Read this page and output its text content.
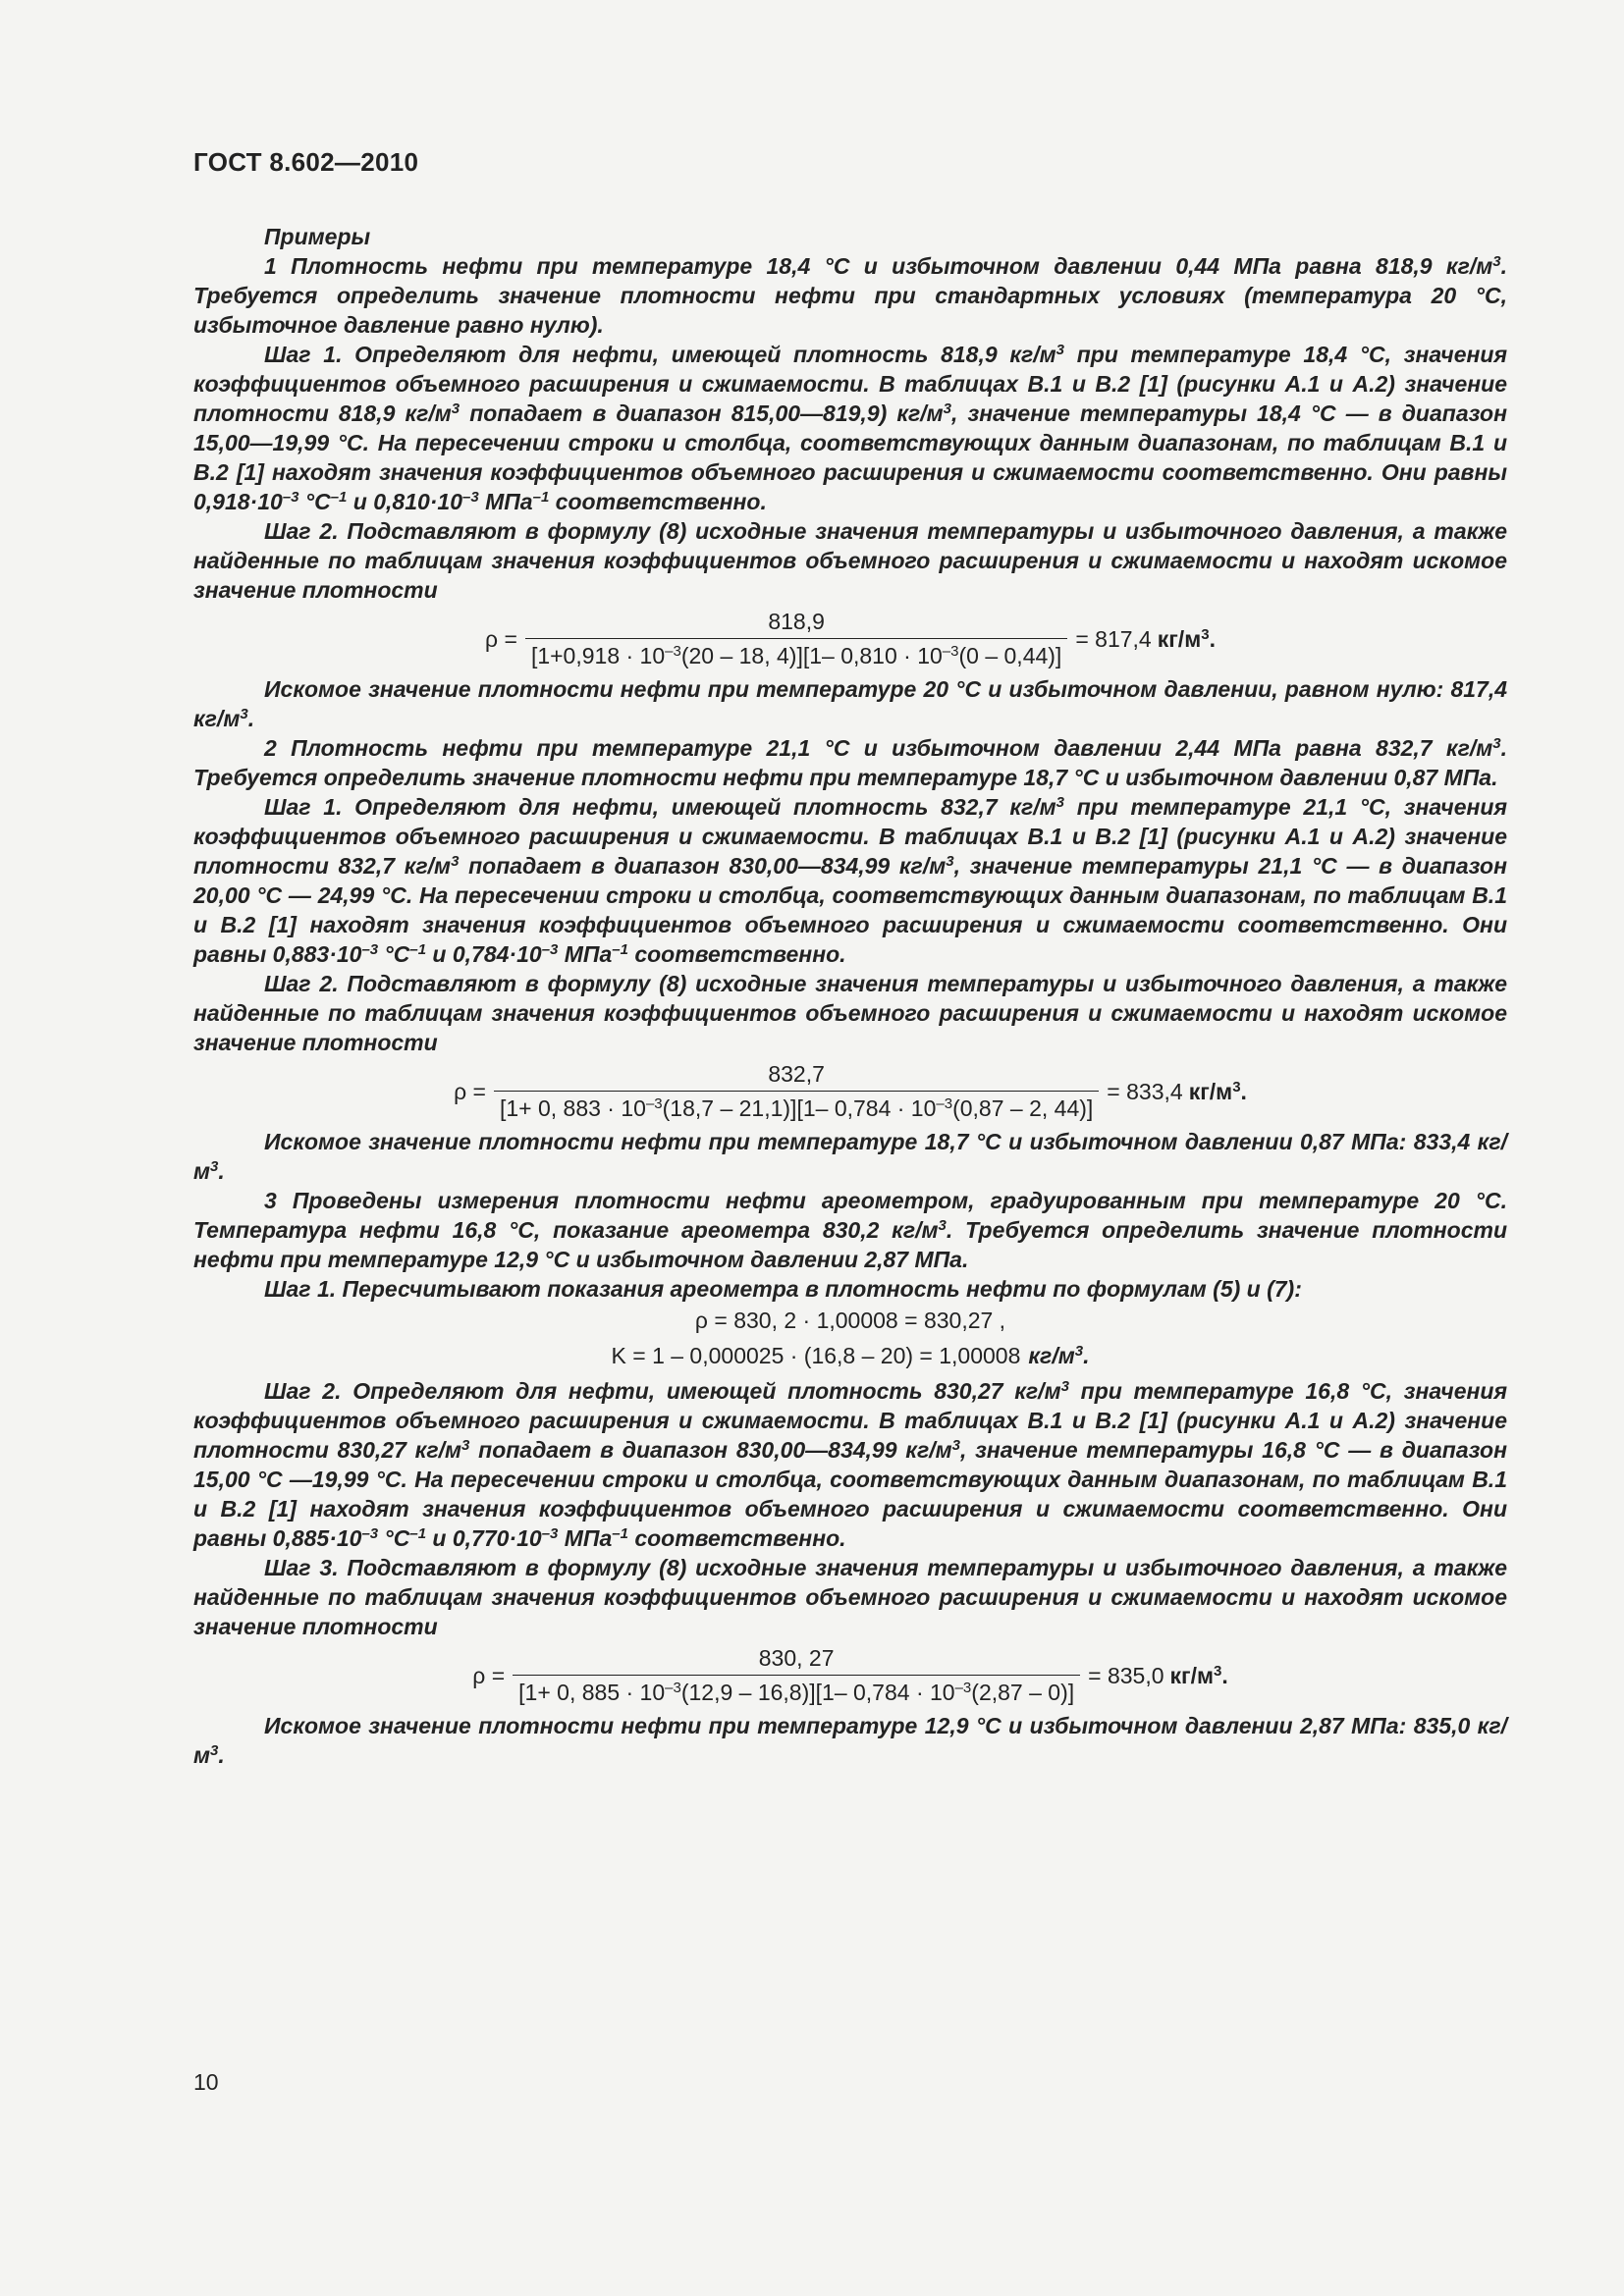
ГОСТ 8.602—2010

Примеры

1 Плотность нефти при температуре 18,4 °С и избыточном давлении 0,44 МПа равна 818,9 $кг/м^3$. Требуется определить значение плотности нефти при стандартных условиях (температура 20 °С, избыточное давление равно нулю).

Шаг 1. Определяют для нефти, имеющей плотность 818,9 $кг/м^3$ при температуре 18,4 °С, значения коэффициентов объемного расширения и сжимаемости. В таблицах В.1 и В.2 [1] (рисунки А.1 и А.2) значение плотности 818,9 $кг/м^3$ попадает в диапазон 815,00—819,9) $кг/м^3$, значение температуры 18,4 °С — в диапазон 15,00—19,99 °С. На пересечении строки и столбца, соответствующих данным диапазонам, по таблицам В.1 и В.2 [1] находят значения коэффициентов объемного расширения и сжимаемости соответственно. Они равны $0,918\cdot 10^{-3}$ $^\circ С^{-1}$ и $0,810\cdot 10^{-3}$ МПа$^{-1}$ соответственно.

Шаг 2. Подставляют в формулу (8) исходные значения температуры и избыточного давления, а также найденные по таблицам значения коэффициентов объемного расширения и сжимаемости и находят искомое значение плотности

$\rho = \frac{818,9}{[1+0,918 \cdot 10^{-3}(20 - 18, 4)][1- 0,810 \cdot 10^{-3}(0 - 0,44)]} = 817,4$ $кг/м^3$.

Искомое значение плотности нефти при температуре 20 °С и избыточном давлении, равном нулю: 817,4 $кг/м^3$.

2 Плотность нефти при температуре 21,1 °С и избыточном давлении 2,44 МПа равна 832,7 $кг/м^3$. Требуется определить значение плотности нефти при температуре 18,7 °С и избыточном давлении 0,87 МПа.

Шаг 1. Определяют для нефти, имеющей плотность 832,7 $кг/м^3$ при температуре 21,1 °С, значения коэффициентов объемного расширения и сжимаемости. В таблицах В.1 и В.2 [1] (рисунки А.1 и А.2) значение плотности 832,7 $кг/м^3$ попадает в диапазон 830,00—834,99 $кг/м^3$, значение температуры 21,1 °С — в диапазон 20,00 °С — 24,99 °С. На пересечении строки и столбца, соответствующих данным диапазонам, по таблицам В.1 и В.2 [1] находят значения коэффициентов объемного расширения и сжимаемости соответственно. Они равны $0,883\cdot 10^{-3}$ $^\circ С^{-1}$ и $0,784\cdot 10^{-3}$ МПа$^{-1}$ соответственно.

Шаг 2. Подставляют в формулу (8) исходные значения температуры и избыточного давления, а также найденные по таблицам значения коэффициентов объемного расширения и сжимаемости и находят искомое значение плотности

ρ =
832,7
[1+ 0, $883 \cdot 10^{-3}(18,7 - 21,1)][1-$ $0,784 \cdot 10^{-3}(0,87 - 2$, 44)]
= 833,4 $кг/м^3$.

Искомое значение плотности нефти при температуре 18,7 °С и избыточном давлении 0,87 МПа: 833,4 $кг/м^3$.

3 Проведены измерения плотности нефти ареометром, градуированным при температуре 20 °С. Температура нефти 16,8 °С, показание ареометра 830,2 $кг/м^3$. Требуется определить значение плотности нефти при температуре 12,9 °С и избыточном давлении 2,87 МПа.

Шаг 1. Пересчитывают показания ареометра в плотность нефти по формулам (5) и (7):

ρ = 830, 2 · 1,00008 = 830,27 ,
K = 1 – 0,000025 · (16,8 – 20) = 1,00008 $кг/м^3$.

Шаг 2. Определяют для нефти, имеющей плотность 830,27 $кг/м^3$ при температуре 16,8 °С, значения коэффициентов объемного расширения и сжимаемости. В таблицах В.1 и В.2 [1] (рисунки А.1 и А.2) значение плотности 830,27 $кг/м^3$ попадает в диапазон 830,00—834,99 $кг/м^3$, значение температуры 16,8 °С — в диапазон 15,00 °С —19,99 °С. На пересечении строки и столбца, соответствующих данным диапазонам, по таблицам В.1 и В.2 [1] находят значения коэффициентов объемного расширения и сжимаемости соответственно. Они равны $0,885\cdot 10^{-3}$ $^\circ С^{-1}$ и $0,770\cdot 10^{-3}$ МПа$^{-1}$ соответственно.

Шаг 3. Подставляют в формулу (8) исходные значения температуры и избыточного давления, а также найденные по таблицам значения коэффициентов объемного расширения и сжимаемости и находят искомое значение плотности

$\rho = \frac{830, 27}{[1+ 0, 885 \cdot 10^{-3}(12,9 - 16,8)][1- 0,784 \cdot 10^{-3}(2,87 - 0)]} = 835,0$ $кг/м^3$.

Искомое значение плотности нефти при температуре 12,9 °С и избыточном давлении 2,87 МПа: 835,0 $кг/м^3$.

10
